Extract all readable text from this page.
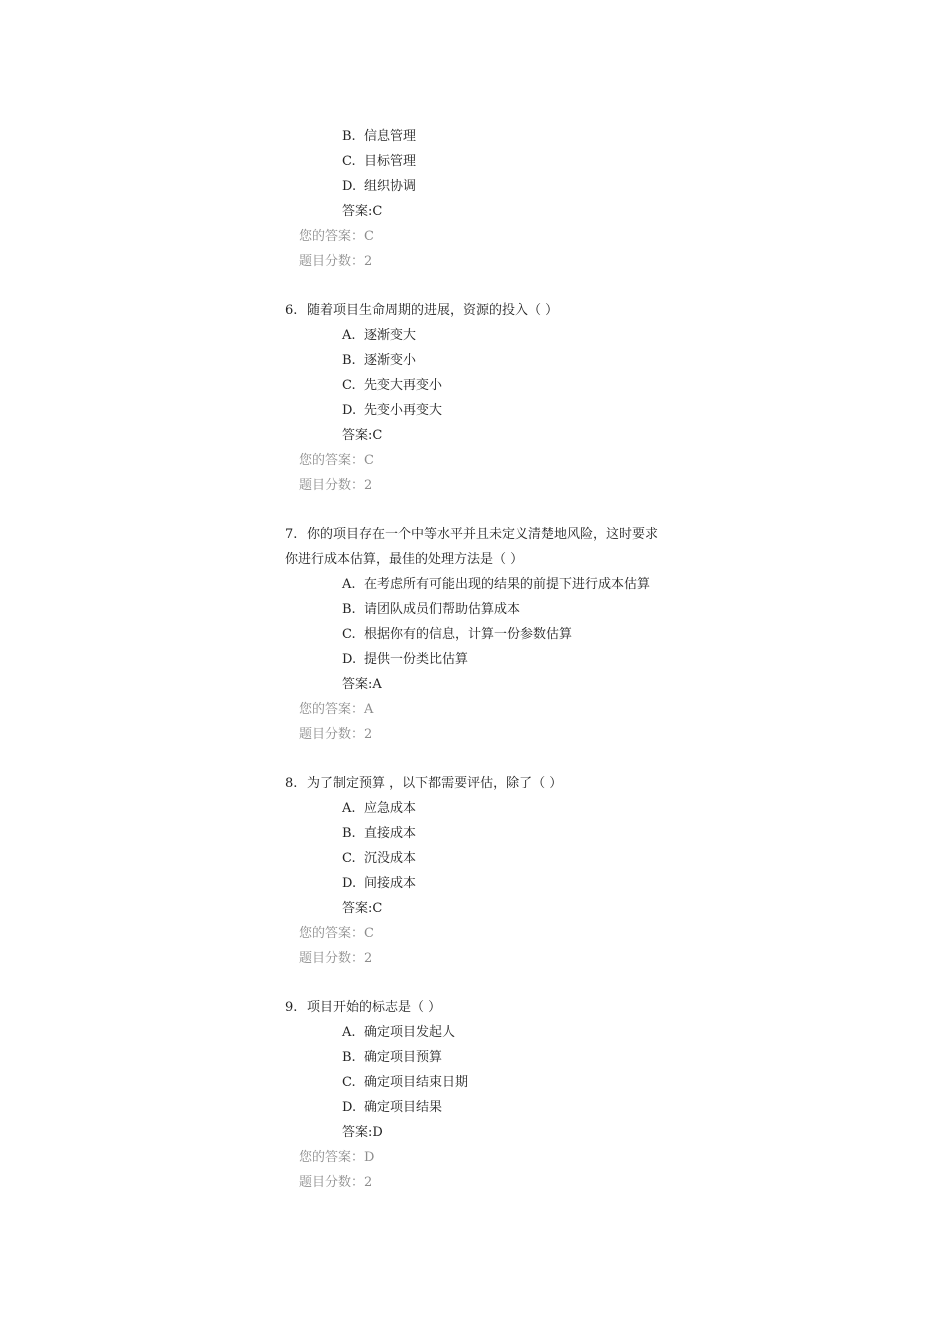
B. 信息管理
C. 目标管理
D. 组织协调
答案:C
您的答案：C
题目分数：2
6. 随着项目生命周期的进展，资源的投入（ ）
A. 逐渐变大
B. 逐渐变小
C. 先变大再变小
D. 先变小再变大
答案:C
您的答案：C
题目分数：2
7. 你的项目存在一个中等水平并且未定义清楚地风险，这时要求
你进行成本估算，最佳的处理方法是（ ）
A. 在考虑所有可能出现的结果的前提下进行成本估算
B. 请团队成员们帮助估算成本
C. 根据你有的信息，计算一份参数估算
D. 提供一份类比估算
答案:A
您的答案：A
题目分数：2
8. 为了制定预算 ，以下都需要评估，除了（ ）
A. 应急成本
B. 直接成本
C. 沉没成本
D. 间接成本
答案:C
您的答案：C
题目分数：2
9. 项目开始的标志是（ ）
A. 确定项目发起人
B. 确定项目预算
C. 确定项目结束日期
D. 确定项目结果
答案:D
您的答案：D
题目分数：2
